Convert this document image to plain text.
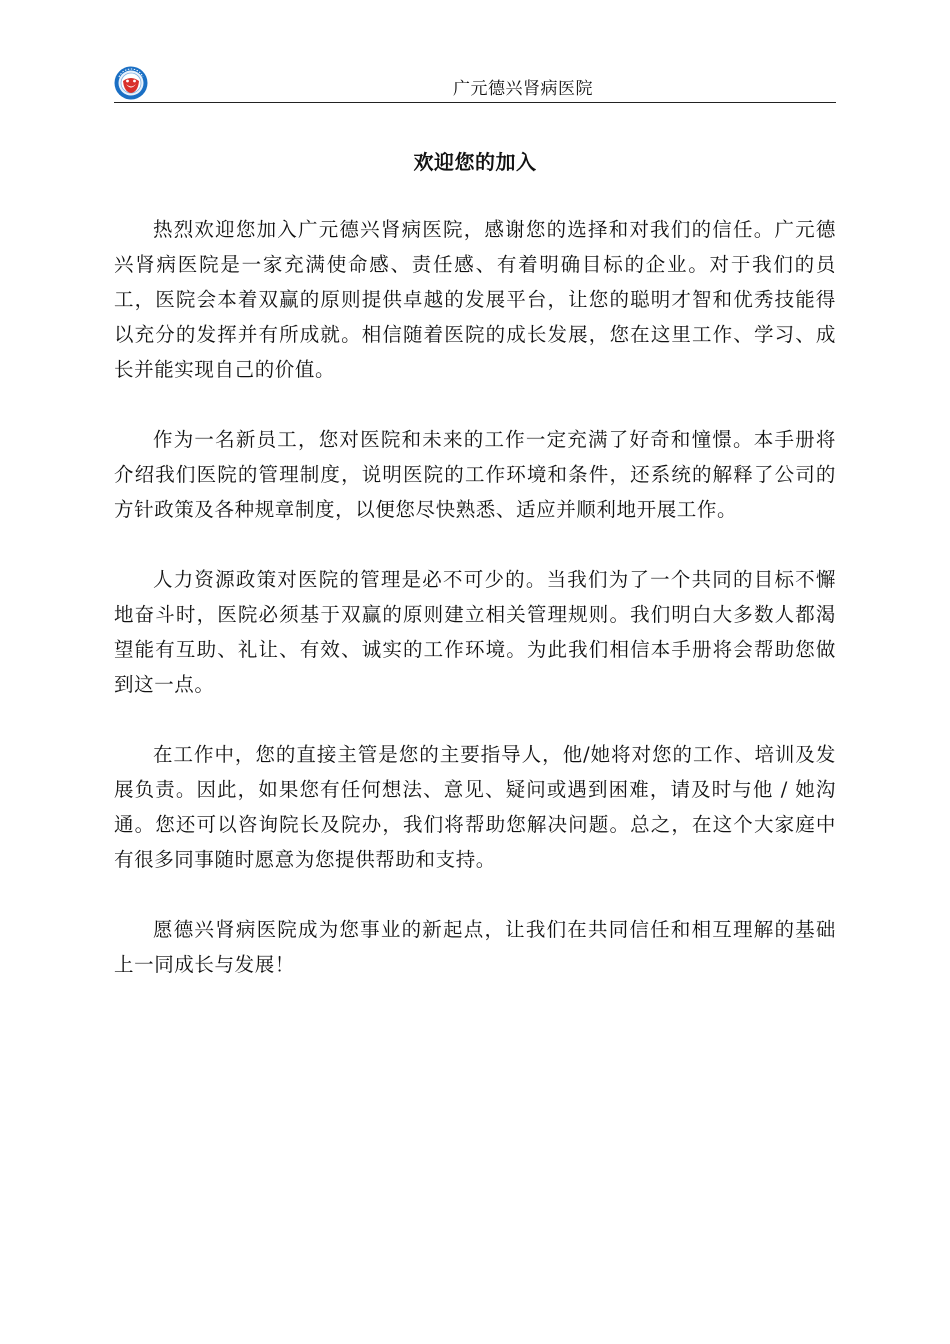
广元德兴肾病医院
欢迎您的加入

热烈欢迎您加入广元德兴肾病医院，感谢您的选择和对我们的信任。广元德兴肾病医院是一家充满使命感、责任感、有着明确目标的企业。对于我们的员工，医院会本着双赢的原则提供卓越的发展平台，让您的聪明才智和优秀技能得以充分的发挥并有所成就。相信随着医院的成长发展，您在这里工作、学习、成长并能实现自己的价值。

作为一名新员工，您对医院和未来的工作一定充满了好奇和憧憬。本手册将介绍我们医院的管理制度，说明医院的工作环境和条件，还系统的解释了公司的方针政策及各种规章制度，以便您尽快熟悉、适应并顺利地开展工作。

人力资源政策对医院的管理是必不可少的。当我们为了一个共同的目标不懈地奋斗时，医院必须基于双赢的原则建立相关管理规则。我们明白大多数人都渴望能有互助、礼让、有效、诚实的工作环境。为此我们相信本手册将会帮助您做到这一点。

在工作中，您的直接主管是您的主要指导人，他/她将对您的工作、培训及发展负责。因此，如果您有任何想法、意见、疑问或遇到困难，请及时与他 / 她沟通。您还可以咨询院长及院办，我们将帮助您解决问题。总之，在这个大家庭中有很多同事随时愿意为您提供帮助和支持。

愿德兴肾病医院成为您事业的新起点，让我们在共同信任和相互理解的基础上一同成长与发展！
